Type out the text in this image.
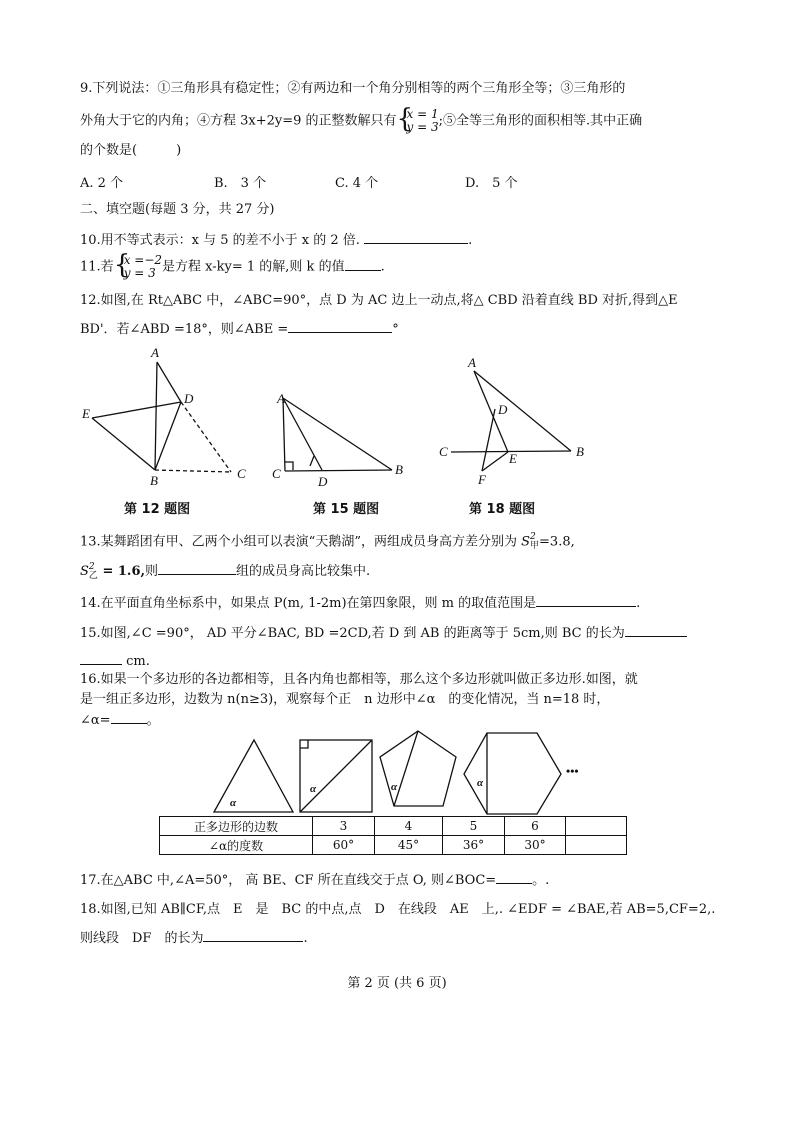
9.下列说法：①三角形具有稳定性；②有两边和一个角分别相等的两个三角形全等；③三角形的
外角大于它的内角；④方程 3x+2y=9 的正整数解只有 { x = 1
y = 3;⑤全等三角形的面积相等.其中正确
的个数是(　　　)
A. 2 个	B.　3 个	C. 4 个	D.　5 个
二、填空题(每题 3 分，共 27 分)
10.用不等式表示：x 与 5 的差不小于 x 的 2 倍.	.
11.若 { x =−2
y = 3 是方程 x-ky= 1 的解,则 k 的值	.
12.如图,在 Rt△ABC 中，∠ABC=90°，点 D 为 AC 边上一动点,将△ CBD 沿着直线 BD 对折,得到△E
BD'．若∠ABD =18°，则∠ABE =	°
A
D
E
B	C
A
C
D
B
A
D
C	E	B
F
第 12 题图	第 15 题图	第 18 题图
13.某舞蹈团有甲、乙两个小组可以表演“天鹅湖”，两组成员身高方差分别为 S2
甲=3.8,
S2
乙 = 1.6,则	组的成员身高比较集中.
14.在平面直角坐标系中，如果点 P(m, 1-2m)在第四象限，则 m 的取值范围是	.
15.如图,∠C =90°， AD 平分∠BAC, BD =2CD,若 D 到 AB 的距离等于 5cm,则 BC 的长为
cm.
16.如果一个多边形的各边都相等，且各内角也都相等，那么这个多边形就叫做正多边形.如图，就
是一组正多边形，边数为 n(n≥3)，观察每个正　n 边形中∠α　的变化情况，当 n=18 时，
∠α=	。
α
α	α	α
•••
正多边形的边数	3	4	5	6	
∠α的度数	60°	45°	36°	30°	
17.在△ABC 中,∠A=50°， 高 BE、CF 所在直线交于点 O, 则∠BOC=	。.
18.如图,已知 AB∥CF,点　E　是　BC 的中点,点　D　在线段　AE　上,. ∠EDF = ∠BAE,若 AB=5,CF=2,.
则线段　DF　的长为	.
第 2 页 (共 6 页)
